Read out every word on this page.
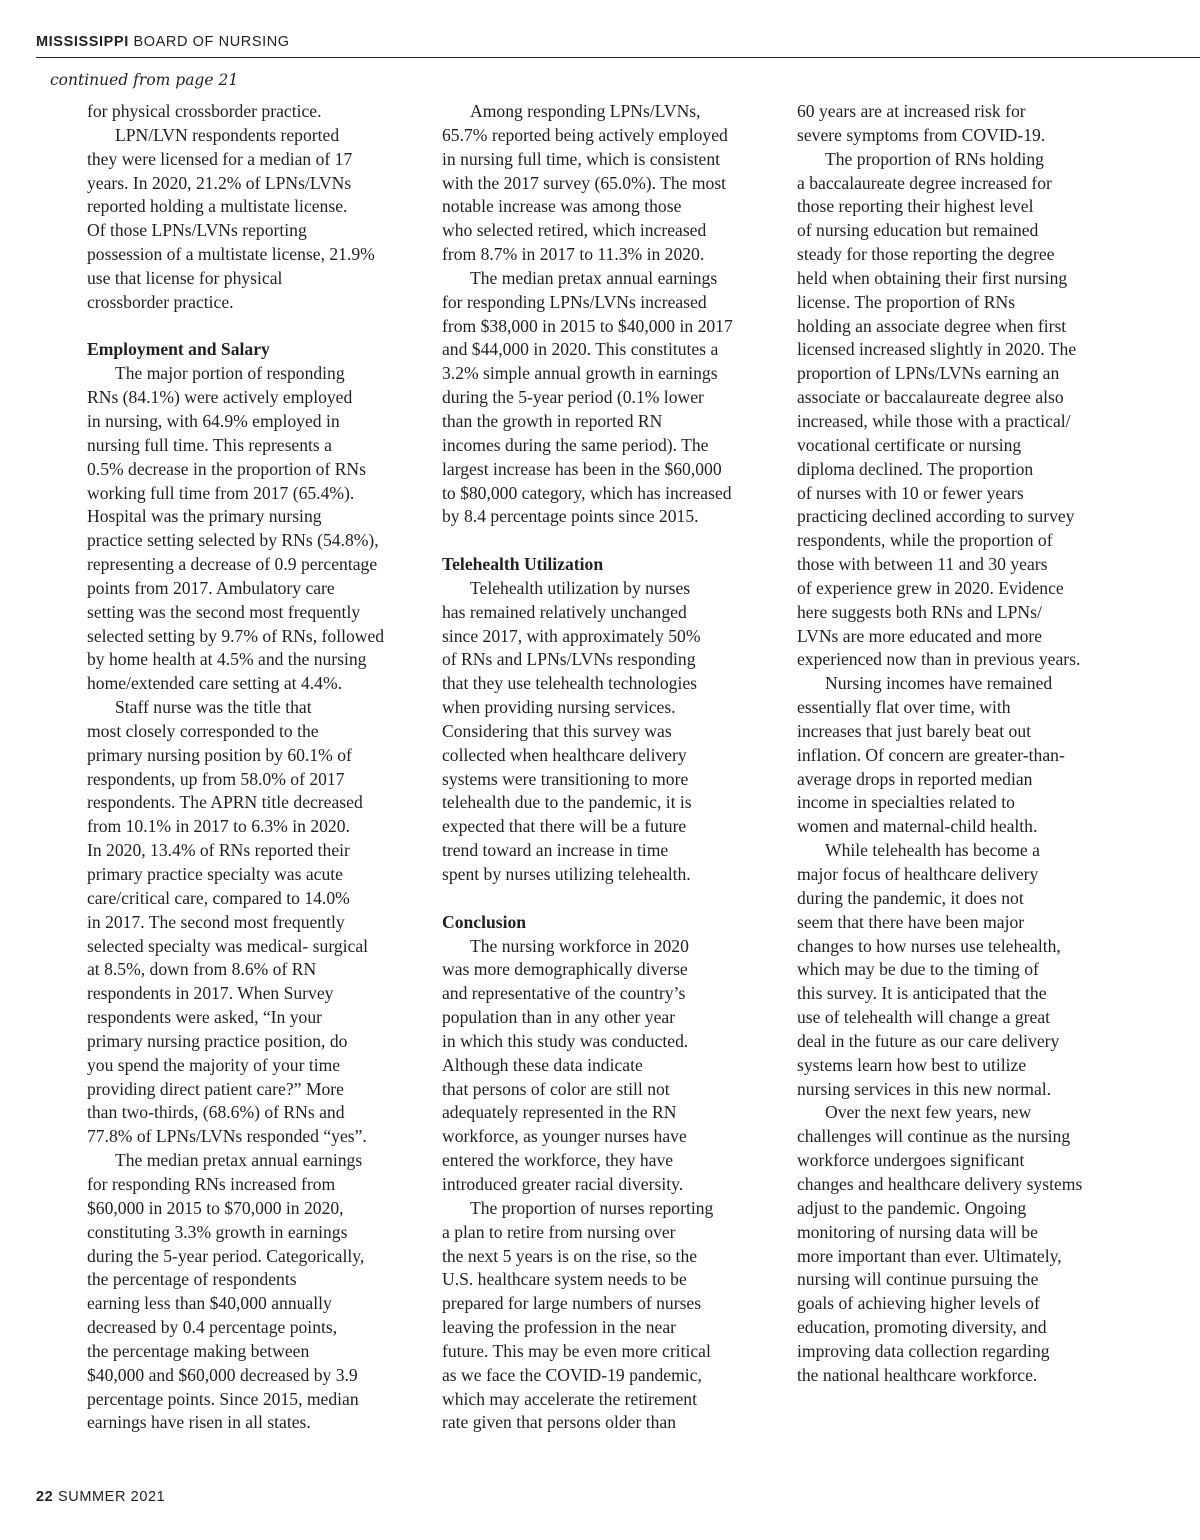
MISSISSIPPI BOARD OF NURSING
continued from page 21

for physical crossborder practice.
LPN/LVN respondents reported
they were licensed for a median of 17
years. In 2020, 21.2% of LPNs/LVNs
reported holding a multistate license.
Of those LPNs/LVNs reporting
possession of a multistate license, 21.9%
use that license for physical
crossborder practice.

Employment and Salary

The major portion of responding
RNs (84.1%) were actively employed
in nursing, with 64.9% employed in
nursing full time. This represents a
0.5% decrease in the proportion of RNs
working full time from 2017 (65.4%).
Hospital was the primary nursing
practice setting selected by RNs (54.8%),
representing a decrease of 0.9 percentage
points from 2017. Ambulatory care
setting was the second most frequently
selected setting by 9.7% of RNs, followed
by home health at 4.5% and the nursing
home/extended care setting at 4.4%.

Staff nurse was the title that
most closely corresponded to the
primary nursing position by 60.1% of
respondents, up from 58.0% of 2017
respondents. The APRN title decreased
from 10.1% in 2017 to 6.3% in 2020.
In 2020, 13.4% of RNs reported their
primary practice specialty was acute
care/critical care, compared to 14.0%
in 2017. The second most frequently
selected specialty was medical- surgical
at 8.5%, down from 8.6% of RN
respondents in 2017. When Survey
respondents were asked, “In your
primary nursing practice position, do
you spend the majority of your time
providing direct patient care?” More
than two-thirds, (68.6%) of RNs and
77.8% of LPNs/LVNs responded “yes”.

The median pretax annual earnings
for responding RNs increased from
$60,000 in 2015 to $70,000 in 2020,
constituting 3.3% growth in earnings
during the 5-year period. Categorically,
the percentage of respondents
earning less than $40,000 annually
decreased by 0.4 percentage points,
the percentage making between
$40,000 and $60,000 decreased by 3.9
percentage points. Since 2015, median
earnings have risen in all states.

Among responding LPNs/LVNs,
65.7% reported being actively employed
in nursing full time, which is consistent
with the 2017 survey (65.0%). The most
notable increase was among those
who selected retired, which increased
from 8.7% in 2017 to 11.3% in 2020.

The median pretax annual earnings
for responding LPNs/LVNs increased
from $38,000 in 2015 to $40,000 in 2017
and $44,000 in 2020. This constitutes a
3.2% simple annual growth in earnings
during the 5-year period (0.1% lower
than the growth in reported RN
incomes during the same period). The
largest increase has been in the $60,000
to $80,000 category, which has increased
by 8.4 percentage points since 2015.

Telehealth Utilization

Telehealth utilization by nurses
has remained relatively unchanged
since 2017, with approximately 50%
of RNs and LPNs/LVNs responding
that they use telehealth technologies
when providing nursing services.
Considering that this survey was
collected when healthcare delivery
systems were transitioning to more
telehealth due to the pandemic, it is
expected that there will be a future
trend toward an increase in time
spent by nurses utilizing telehealth.

Conclusion

The nursing workforce in 2020
was more demographically diverse
and representative of the country’s
population than in any other year
in which this study was conducted.
Although these data indicate
that persons of color are still not
adequately represented in the RN
workforce, as younger nurses have
entered the workforce, they have
introduced greater racial diversity.

The proportion of nurses reporting
a plan to retire from nursing over
the next 5 years is on the rise, so the
U.S. healthcare system needs to be
prepared for large numbers of nurses
leaving the profession in the near
future. This may be even more critical
as we face the COVID-19 pandemic,
which may accelerate the retirement
rate given that persons older than

60 years are at increased risk for
severe symptoms from COVID-19.

The proportion of RNs holding
a baccalaureate degree increased for
those reporting their highest level
of nursing education but remained
steady for those reporting the degree
held when obtaining their first nursing
license. The proportion of RNs
holding an associate degree when first
licensed increased slightly in 2020. The
proportion of LPNs/LVNs earning an
associate or baccalaureate degree also
increased, while those with a practical/
vocational certificate or nursing
diploma declined. The proportion
of nurses with 10 or fewer years
practicing declined according to survey
respondents, while the proportion of
those with between 11 and 30 years
of experience grew in 2020. Evidence
here suggests both RNs and LPNs/
LVNs are more educated and more
experienced now than in previous years.

Nursing incomes have remained
essentially flat over time, with
increases that just barely beat out
inflation. Of concern are greater-than-
average drops in reported median
income in specialties related to
women and maternal-child health.

While telehealth has become a
major focus of healthcare delivery
during the pandemic, it does not
seem that there have been major
changes to how nurses use telehealth,
which may be due to the timing of
this survey. It is anticipated that the
use of telehealth will change a great
deal in the future as our care delivery
systems learn how best to utilize
nursing services in this new normal.

Over the next few years, new
challenges will continue as the nursing
workforce undergoes significant
changes and healthcare delivery systems
adjust to the pandemic. Ongoing
monitoring of nursing data will be
more important than ever. Ultimately,
nursing will continue pursuing the
goals of achieving higher levels of
education, promoting diversity, and
improving data collection regarding
the national healthcare workforce.

22 SUMMER 2021
